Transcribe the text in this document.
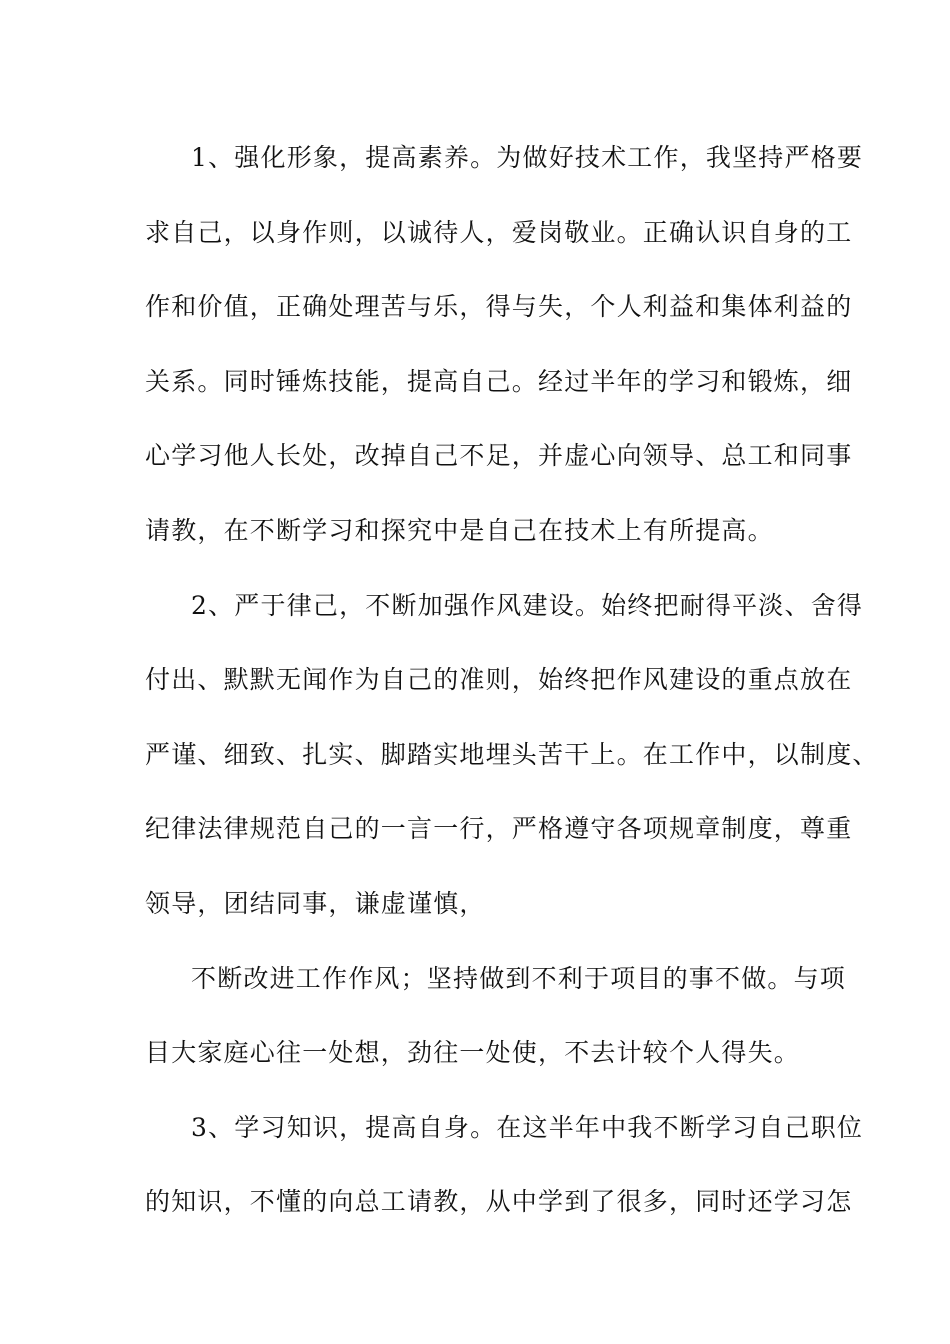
1、强化形象，提高素养。为做好技术工作，我坚持严格要
求自己，以身作则，以诚待人，爱岗敬业。正确认识自身的工
作和价值，正确处理苦与乐，得与失，个人利益和集体利益的
关系。同时锤炼技能，提高自己。经过半年的学习和锻炼，细
心学习他人长处，改掉自己不足，并虚心向领导、总工和同事
请教，在不断学习和探究中是自己在技术上有所提高。
2、严于律己，不断加强作风建设。始终把耐得平淡、舍得
付出、默默无闻作为自己的准则，始终把作风建设的重点放在
严谨、细致、扎实、脚踏实地埋头苦干上。在工作中，以制度、
纪律法律规范自己的一言一行，严格遵守各项规章制度，尊重
领导，团结同事，谦虚谨慎，
不断改进工作作风；坚持做到不利于项目的事不做。与项
目大家庭心往一处想，劲往一处使，不去计较个人得失。
3、学习知识，提高自身。在这半年中我不断学习自己职位
的知识，不懂的向总工请教，从中学到了很多，同时还学习怎
